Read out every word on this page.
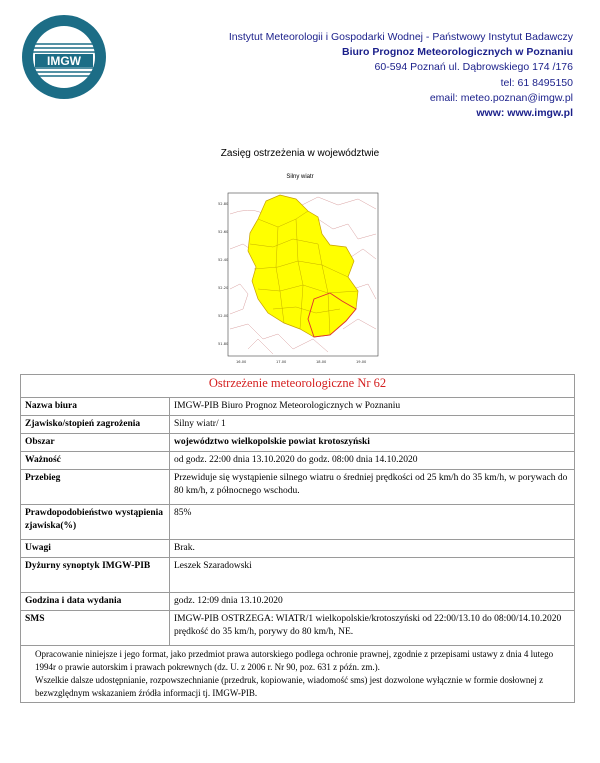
IMGW
Instytut Meteorologii i Gospodarki Wodnej - Państwowy Instytut Badawczy
Biuro Prognoz Meteorologicznych w Poznaniu
60-594 Poznań ul. Dąbrowskiego 174 /176
tel: 61 8495150
email: meteo.poznan@imgw.pl
www: www.imgw.pl
Zasięg ostrzeżenia w województwie
Silny wiatr
52.80
52.60
52.40
52.20
52.00
51.80
16.00	17.00	18.00	19.00
Ostrzeżenie meteorologiczne Nr 62	
Nazwa biura	IMGW-PIB Biuro Prognoz Meteorologicznych w Poznaniu
Zjawisko/stopień zagrożenia	Silny wiatr/ 1
Obszar	województwo wielkopolskie powiat krotoszyński
Ważność	od godz. 22:00 dnia 13.10.2020 do godz. 08:00 dnia 14.10.2020
Przebieg	Przewiduje się wystąpienie silnego wiatru o średniej prędkości od 25 km/h do 35 km/h, w porywach do 80 km/h, z północnego wschodu.
Prawdopodobieństwo wystąpienia zjawiska(%)	85%
Uwagi	Brak.
Dyżurny synoptyk IMGW-PIB	Leszek Szaradowski
Godzina i data wydania	godz. 12:09 dnia 13.10.2020
SMS	IMGW-PIB OSTRZEGA: WIATR/1 wielkopolskie/krotoszyński od 22:00/13.10 do 08:00/14.10.2020 prędkość do 35 km/h, porywy do 80 km/h, NE.

Opracowanie niniejsze i jego format, jako przedmiot prawa autorskiego podlega ochronie prawnej, zgodnie z przepisami ustawy z dnia 4 lutego 1994r o prawie autorskim i prawach pokrewnych (dz. U. z 2006 r. Nr 90, poz. 631 z późn. zm.).
Wszelkie dalsze udostępnianie, rozpowszechnianie (przedruk, kopiowanie, wiadomość sms) jest dozwolone wyłącznie w formie dosłownej z bezwzględnym wskazaniem źródła informacji tj. IMGW-PIB.	
